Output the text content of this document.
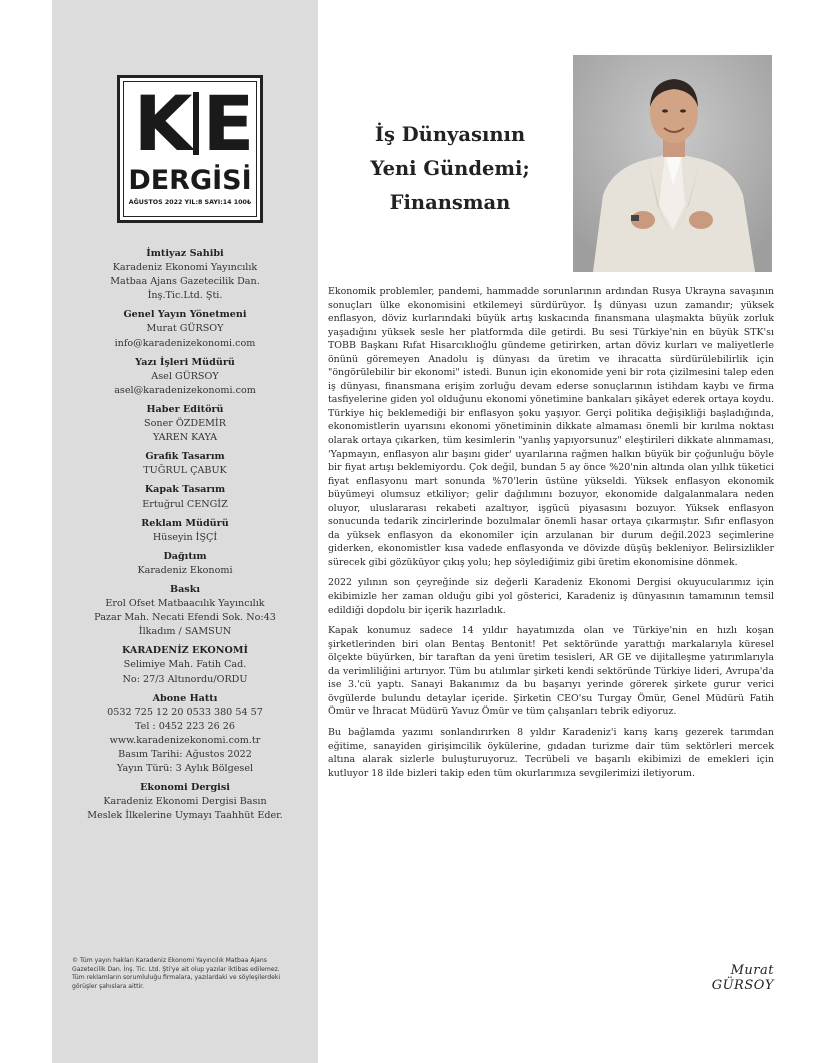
K E
DERGİSİ
AĞUSTOS 2022 YIL:8 SAYI:14 100₺
İmtiyaz Sahibi
Karadeniz Ekonomi Yayıncılık
Matbaa Ajans Gazetecilik Dan.
İnş.Tic.Ltd. Şti.
Genel Yayın Yönetmeni
Murat GÜRSOY
info@karadenizekonomi.com
Yazı İşleri Müdürü
Asel GÜRSOY
asel@karadenizekonomi.com
Haber Editörü
Soner ÖZDEMİR
YAREN KAYA
Grafik Tasarım
TUĞRUL ÇABUK
Kapak Tasarım
Ertuğrul CENGİZ
Reklam Müdürü
Hüseyin İŞÇİ
Dağıtım
Karadeniz Ekonomi
Baskı
Erol Ofset Matbaacılık Yayıncılık
Pazar Mah. Necati Efendi Sok. No:43
İlkadım / SAMSUN
KARADENİZ EKONOMİ
Selimiye Mah. Fatih Cad.
No: 27/3 Altınordu/ORDU
Abone Hattı
0532 725 12 20 0533 380 54 57
Tel : 0452 223 26 26
www.karadenizekonomi.com.tr
Basım Tarihi: Ağustos 2022
Yayın Türü: 3 Aylık Bölgesel
Ekonomi Dergisi
Karadeniz Ekonomi Dergisi Basın
Meslek İlkelerine Uymayı Taahhüt Eder.
© Tüm yayın hakları Karadeniz Ekonomi Yayıncılık Matbaa Ajans Gazetecilik Dan. İnş. Tic. Ltd. Şti'ye ait olup yazılar iktibas edilemez. Tüm reklamların sorumluluğu firmalara, yazılardaki ve söyleşilerdeki görüşler şahıslara aittir.
İş Dünyasının
Yeni Gündemi;
Finansman

Ekonomik problemler, pandemi, hammadde sorunlarının ardından Rusya Ukrayna savaşının sonuçları ülke ekonomisini etkilemeyi sürdürüyor. İş dünyası uzun zamandır; yüksek enflasyon, döviz kurlarındaki büyük artış kıskacında finansmana ulaşmakta büyük zorluk yaşadığını yüksek sesle her platformda dile getirdi. Bu sesi Türkiye'nin en büyük STK'sı TOBB Başkanı Rıfat Hisarcıklıoğlu gündeme getirirken, artan döviz kurları ve maliyetlerle önünü göremeyen Anadolu iş dünyası da üretim ve ihracatta sürdürülebilirlik için "öngörülebilir bir ekonomi" istedi. Bunun için ekonomide yeni bir rota çizilmesini talep eden iş dünyası, finansmana erişim zorluğu devam ederse sonuçlarının istihdam kaybı ve firma tasfiyelerine giden yol olduğunu ekonomi yönetimine bankaları şikâyet ederek ortaya koydu. Türkiye hiç beklemediği bir enflasyon şoku yaşıyor. Gerçi politika değişikliği başladığında, ekonomistlerin uyarısını ekonomi yönetiminin dikkate almaması önemli bir kırılma noktası olarak ortaya çıkarken, tüm kesimlerin "yanlış yapıyorsunuz" eleştirileri dikkate alınmaması, 'Yapmayın, enflasyon alır başını gider' uyarılarına rağmen halkın büyük bir çoğunluğu böyle bir fiyat artışı beklemiyordu. Çok değil, bundan 5 ay önce %20'nin altında olan yıllık tüketici fiyat enflasyonu mart sonunda %70'lerin üstüne yükseldi. Yüksek enflasyon ekonomik büyümeyi olumsuz etkiliyor; gelir dağılımını bozuyor, ekonomide dalgalanmalara neden oluyor, uluslararası rekabeti azaltıyor, işgücü piyasasını bozuyor. Yüksek enflasyon sonucunda tedarik zincirlerinde bozulmalar önemli hasar ortaya çıkarmıştır. Sıfır enflasyon da yüksek enflasyon da ekonomiler için arzulanan bir durum değil.2023 seçimlerine giderken, ekonomistler kısa vadede enflasyonda ve dövizde düşüş bekleniyor. Belirsizlikler sürecek gibi gözüküyor çıkış yolu; hep söylediğimiz gibi üretim ekonomisine dönmek.

2022 yılının son çeyreğinde siz değerli Karadeniz Ekonomi Dergisi okuyucularımız için ekibimizle her zaman olduğu gibi yol gösterici, Karadeniz iş dünyasının tamamının temsil edildiği dopdolu bir içerik hazırladık.

Kapak konumuz sadece 14 yıldır hayatımızda olan ve Türkiye'nin en hızlı koşan şirketlerinden biri olan Bentaş Bentonit! Pet sektöründe yarattığı markalarıyla küresel ölçekte büyürken, bir taraftan da yeni üretim tesisleri, AR GE ve dijitalleşme yatırımlarıyla da verimliliğini artırıyor. Tüm bu atılımlar şirketi kendi sektöründe Türkiye lideri, Avrupa'da ise 3.'cü yaptı. Sanayi Bakanımız da bu başarıyı yerinde görerek şirkete gurur verici övgülerde bulundu detaylar içeride. Şirketin CEO'su Turgay Ömür, Genel Müdürü Fatih Ömür ve İhracat Müdürü Yavuz Ömür ve tüm çalışanları tebrik ediyoruz.

Bu bağlamda yazımı sonlandırırken 8 yıldır Karadeniz'i karış karış gezerek tarımdan eğitime, sanayiden girişimcilik öykülerine, gıdadan turizme dair tüm sektörleri mercek altına alarak sizlerle buluşturuyoruz. Tecrübeli ve başarılı ekibimizi de emekleri için kutluyor 18 ilde bizleri takip eden tüm okurlarımıza sevgilerimizi iletiyorum.

Murat GÜRSOY
